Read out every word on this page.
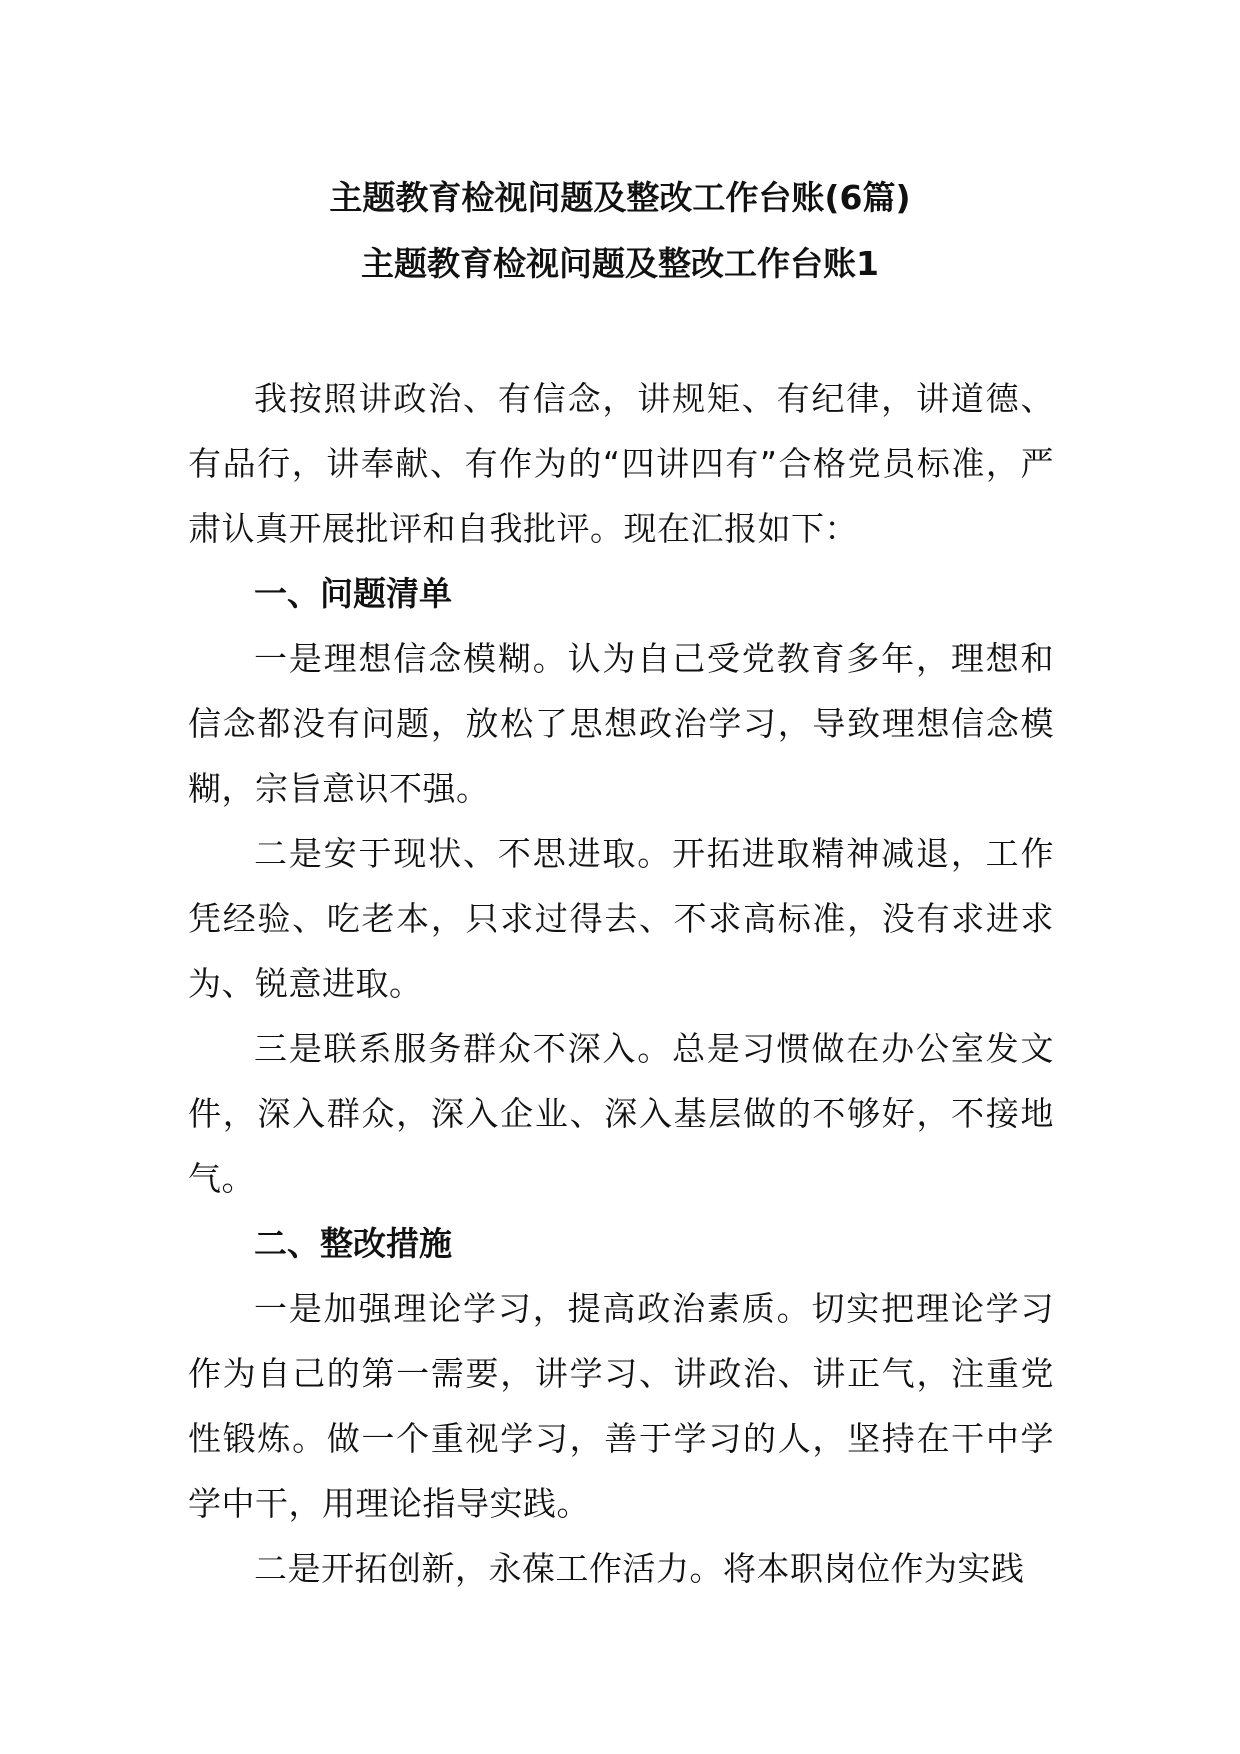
主题教育检视问题及整改工作台账(6篇)
主题教育检视问题及整改工作台账1

我按照讲政治、有信念，讲规矩、有纪律，讲道德、有品行，讲奉献、有作为的“四讲四有”合格党员标准，严肃认真开展批评和自我批评。现在汇报如下：

一、问题清单

一是理想信念模糊。认为自己受党教育多年，理想和信念都没有问题，放松了思想政治学习，导致理想信念模糊，宗旨意识不强。

二是安于现状、不思进取。开拓进取精神减退，工作凭经验、吃老本，只求过得去、不求高标准，没有求进求为、锐意进取。

三是联系服务群众不深入。总是习惯做在办公室发文件，深入群众，深入企业、深入基层做的不够好，不接地气。

二、整改措施

一是加强理论学习，提高政治素质。切实把理论学习作为自己的第一需要，讲学习、讲政治、讲正气，注重党性锻炼。做一个重视学习，善于学习的人，坚持在干中学学中干，用理论指导实践。

二是开拓创新，永葆工作活力。将本职岗位作为实践
